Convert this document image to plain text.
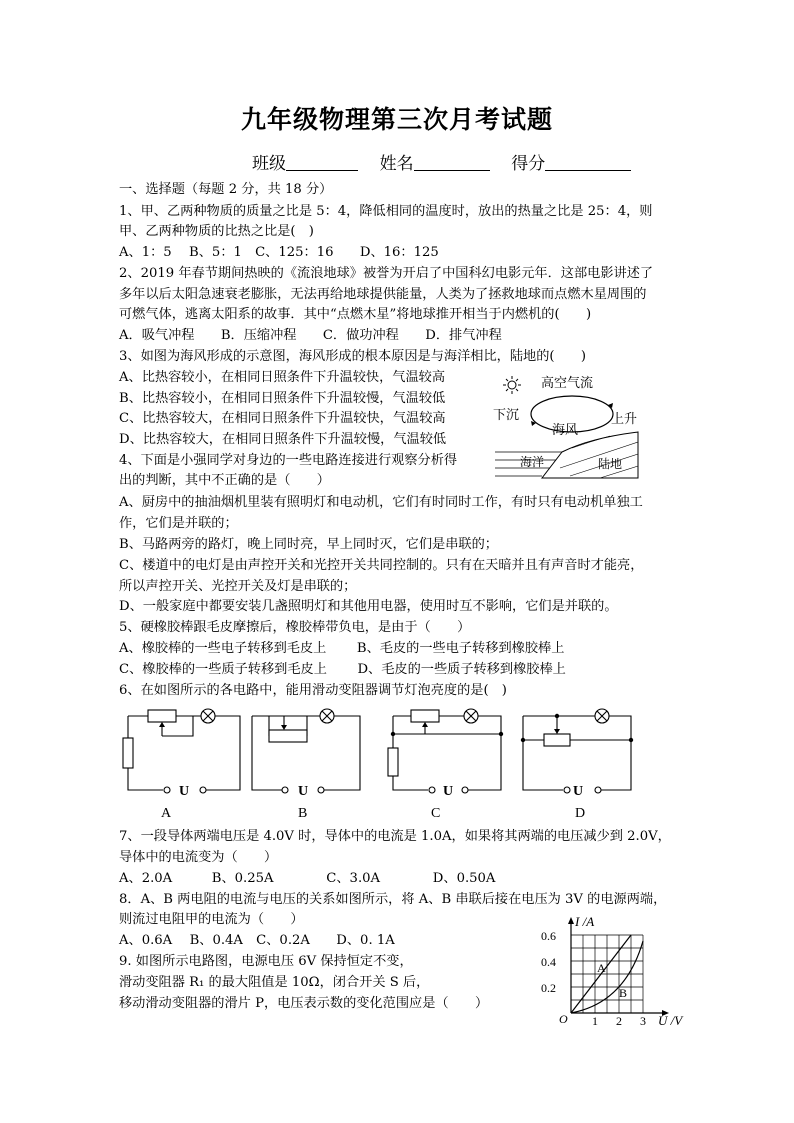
九年级物理第三次月考试题
班级	姓名	得分
一、选择题（每题 2 分，共 18 分）
1、甲、乙两种物质的质量之比是 5：4，降低相同的温度时，放出的热量之比是 25：4，则
甲、乙两种物质的比热之比是(　)
A、1：5　 B、5：1　C、125：16　　D、16：125
2、2019 年春节期间热映的《流浪地球》被誉为开启了中国科幻电影元年．这部电影讲述了
多年以后太阳急速衰老膨胀，无法再给地球提供能量，人类为了拯救地球而点燃木星周围的
可燃气体，逃离太阳系的故事．其中“点燃木星”将地球推开相当于内燃机的(　　)
A．吸气冲程　　B．压缩冲程　　C．做功冲程　　D．排气冲程
3、如图为海风形成的示意图，海风形成的根本原因是与海洋相比，陆地的(　　)
A、比热容较小，在相同日照条件下升温较快，气温较高
B、比热容较小，在相同日照条件下升温较慢，气温较低
C、比热容较大，在相同日照条件下升温较快，气温较高
D、比热容较大，在相同日照条件下升温较慢，气温较低
4、下面是小强同学对身边的一些电路连接进行观察分析得
出的判断，其中不正确的是（　　）
A、厨房中的抽油烟机里装有照明灯和电动机，它们有时同时工作，有时只有电动机单独工
作，它们是并联的；
B、马路两旁的路灯，晚上同时亮，早上同时灭，它们是串联的；
C、楼道中的电灯是由声控开关和光控开关共同控制的。只有在天暗并且有声音时才能亮，
所以声控开关、光控开关及灯是串联的；
D、一般家庭中都要安装几盏照明灯和其他用电器，使用时互不影响，它们是并联的。
5、硬橡胶棒跟毛皮摩擦后，橡胶棒带负电，是由于（　　）
A、橡胶棒的一些电子转移到毛皮上　　 B、毛皮的一些电子转移到橡胶棒上
C、橡胶棒的一些质子转移到毛皮上　　 D、毛皮的一些质子转移到橡胶棒上
6、在如图所示的各电路中，能用滑动变阻器调节灯泡亮度的是(　)
7、一段导体两端电压是 4.0V 时，导体中的电流是 1.0A，如果将其两端的电压减少到 2.0V，
导体中的电流变为（　　）
A、2.0A　　　B、0.25A　　　　C、3.0A　　　　D、0.50A
8．A、B 两电阻的电流与电压的关系如图所示，将 A、B 串联后接在电压为 3V 的电源两端，
则流过电阻甲的电流为（　　）
A、0.6A　 B、0.4A　C、0.2A　　D、0. 1A
9. 如图所示电路图，电源电压 6V 保持恒定不变，
滑动变阻器 R₁ 的最大阻值是 10Ω，闭合开关 S 后，
移动滑动变阻器的滑片 P，电压表示数的变化范围应是（　　）
高空气流
下沉	上升
海风
海洋	陆地
U
A
U
B
U
C
U
D
I /A
0.6
0.4
0.2
O 1 2 3 U /V
A
B
